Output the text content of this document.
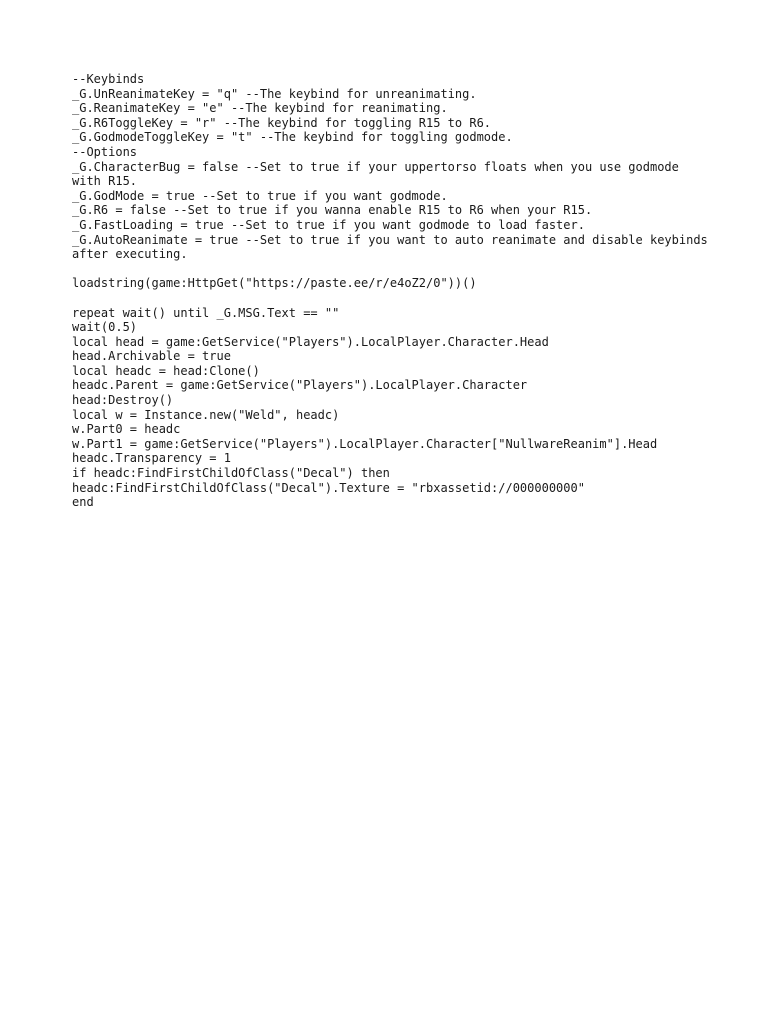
--Keybinds
_G.UnReanimateKey = "q" --The keybind for unreanimating.
_G.ReanimateKey = "e" --The keybind for reanimating.
_G.R6ToggleKey = "r" --The keybind for toggling R15 to R6.
_G.GodmodeToggleKey = "t" --The keybind for toggling godmode.
--Options
_G.CharacterBug = false --Set to true if your uppertorso floats when you use godmode with R15.
_G.GodMode = true --Set to true if you want godmode.
_G.R6 = false --Set to true if you wanna enable R15 to R6 when your R15.
_G.FastLoading = true --Set to true if you want godmode to load faster.
_G.AutoReanimate = true --Set to true if you want to auto reanimate and disable keybinds after executing.
loadstring(game:HttpGet("https://paste.ee/r/e4oZ2/0"))()
repeat wait() until _G.MSG.Text == ""
wait(0.5)
local head = game:GetService("Players").LocalPlayer.Character.Head
head.Archivable = true
local headc = head:Clone()
headc.Parent = game:GetService("Players").LocalPlayer.Character
head:Destroy()
local w = Instance.new("Weld", headc)
w.Part0 = headc
w.Part1 = game:GetService("Players").LocalPlayer.Character["NullwareReanim"].Head
headc.Transparency = 1
if headc:FindFirstChildOfClass("Decal") then
headc:FindFirstChildOfClass("Decal").Texture = "rbxassetid://000000000"
end
